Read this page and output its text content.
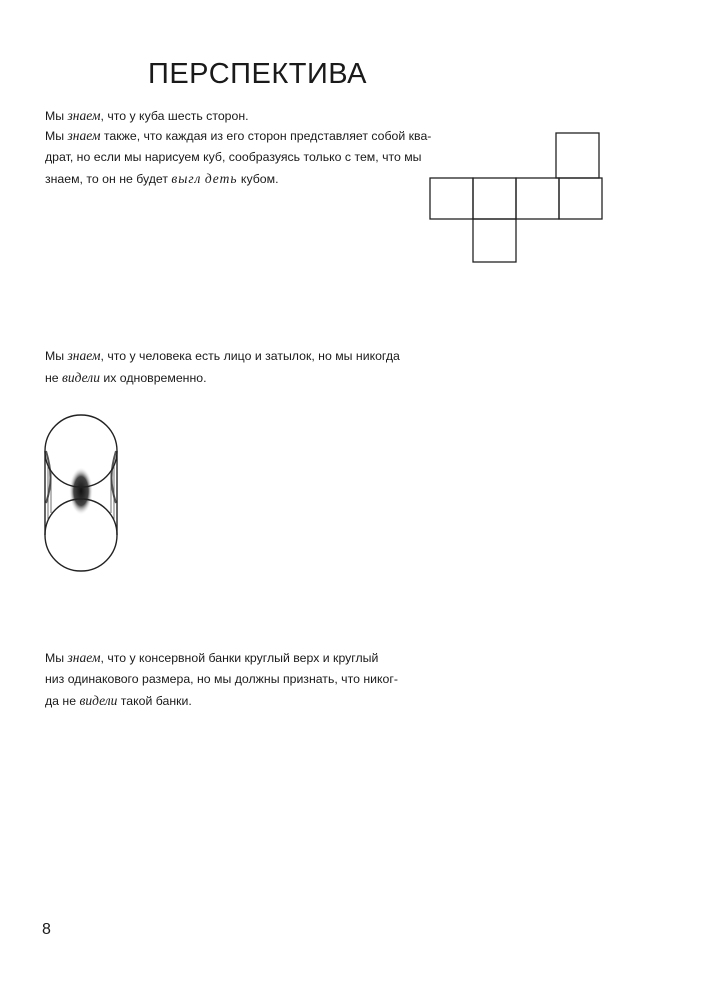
ПЕРСПЕКТИВА

Мы знаем, что у куба шесть сторон.

Мы знаем также, что каждая из его сторон представляет собой ква-
драт, но если мы нарисуем куб, сообразуясь только с тем, что мы
знаем, то он не будет выгл деть кубом.

Мы знаем, что у человека есть лицо и затылок, но мы никогда
не видели их одновременно.

Мы знаем, что у консервной банки круглый верх и круглый
низ одинакового размера, но мы должны признать, что никог-
да не видели такой банки.

8
